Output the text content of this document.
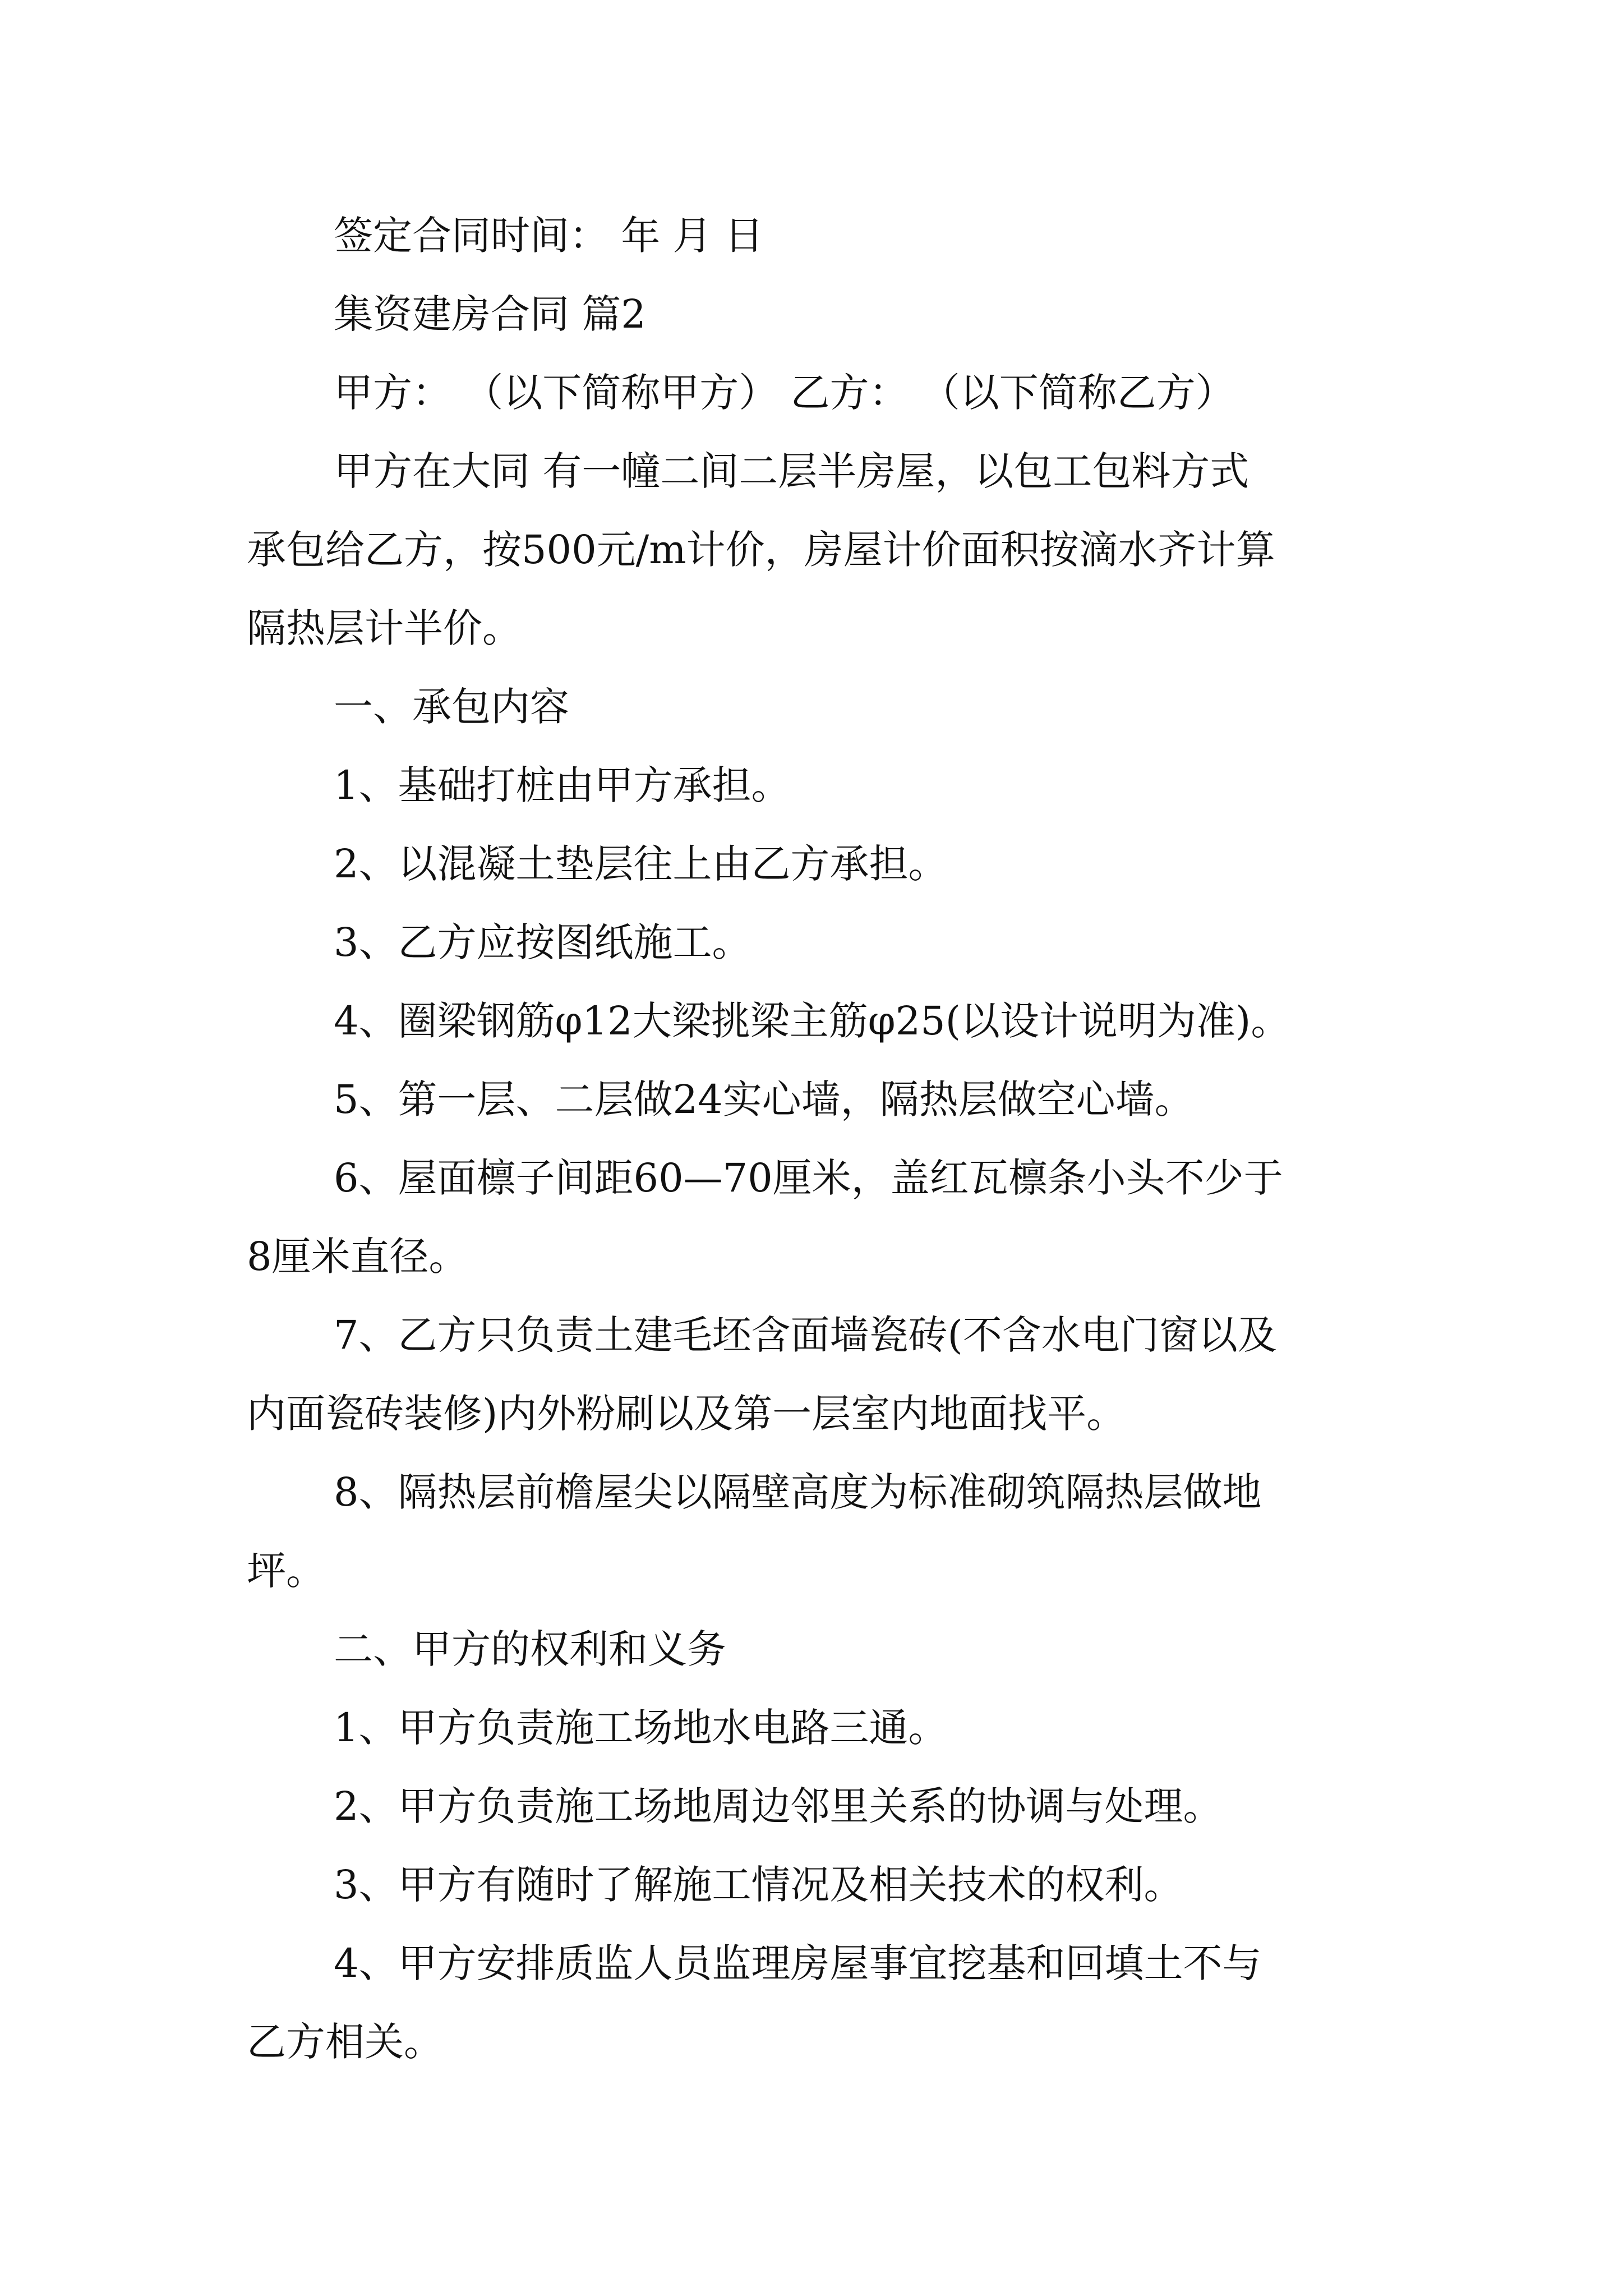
签定合同时间： 年 月 日

集资建房合同 篇2

甲方： （以下简称甲方） 乙方： （以下简称乙方）

甲方在大同 有一幢二间二层半房屋，以包工包料方式

承包给乙方，按500元/m计价，房屋计价面积按滴水齐计算

隔热层计半价。

一、承包内容

1、基础打桩由甲方承担。

2、以混凝土垫层往上由乙方承担。

3、乙方应按图纸施工。

4、圈梁钢筋φ12大梁挑梁主筋φ25(以设计说明为准)。

5、第一层、二层做24实心墙，隔热层做空心墙。

6、屋面檩子间距60—70厘米，盖红瓦檩条小头不少于

8厘米直径。

7、乙方只负责土建毛坯含面墙瓷砖(不含水电门窗以及

内面瓷砖装修)内外粉刷以及第一层室内地面找平。

8、隔热层前檐屋尖以隔壁高度为标准砌筑隔热层做地

坪。

二、甲方的权利和义务

1、甲方负责施工场地水电路三通。

2、甲方负责施工场地周边邻里关系的协调与处理。

3、甲方有随时了解施工情况及相关技术的权利。

4、甲方安排质监人员监理房屋事宜挖基和回填土不与

乙方相关。
